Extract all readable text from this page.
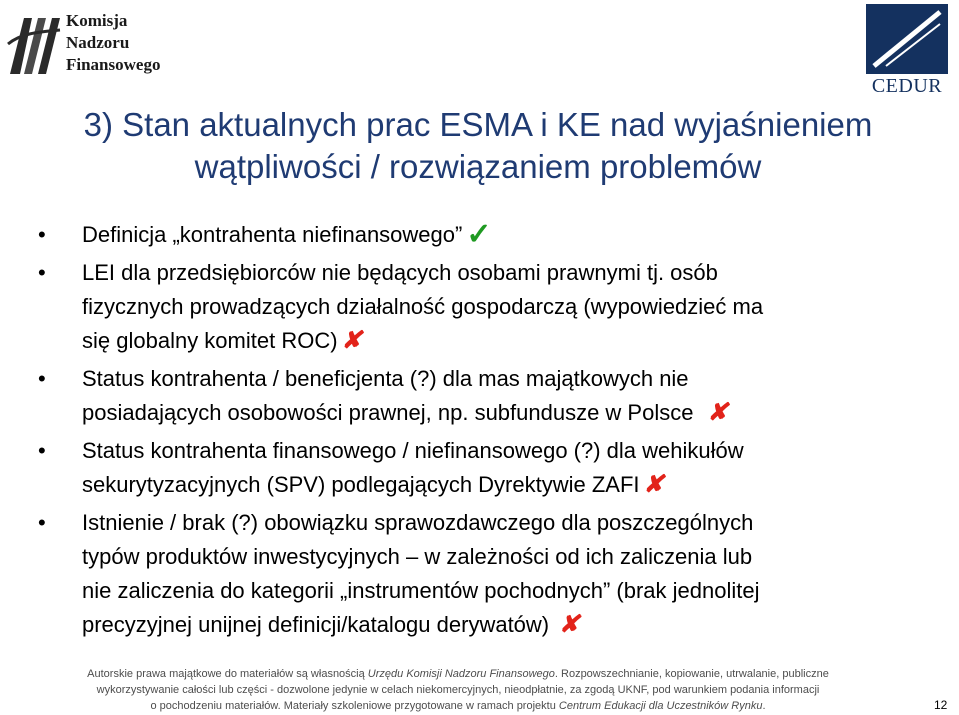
Komisja
Nadzoru
Finansowego
CEDUR
3) Stan aktualnych prac ESMA i KE nad wyjaśnieniem
wątpliwości / rozwiązaniem problemów
• Definicja „kontrahenta niefinansowego” ✓
• LEI dla przedsiębiorców nie będących osobami prawnymi tj. osób
fizycznych prowadzących działalność gospodarczą (wypowiedzieć ma
się globalny komitet ROC) ✘
• Status kontrahenta / beneficjenta (?) dla mas majątkowych nie
posiadających osobowości prawnej, np. subfundusze w Polsce ✘
• Status kontrahenta finansowego / niefinansowego (?) dla wehikułów
sekurytyzacyjnych (SPV) podlegających Dyrektywie ZAFI ✘
• Istnienie / brak (?) obowiązku sprawozdawczego dla poszczególnych
typów produktów inwestycyjnych – w zależności od ich zaliczenia lub
nie zaliczenia do kategorii „instrumentów pochodnych” (brak jednolitej
precyzyjnej unijnej definicji/katalogu derywatów) ✘
Autorskie prawa majątkowe do materiałów są własnością Urzędu Komisji Nadzoru Finansowego. Rozpowszechnianie, kopiowanie, utrwalanie, publiczne
wykorzystywanie całości lub części - dozwolone jedynie w celach niekomercyjnych, nieodpłatnie, za zgodą UKNF, pod warunkiem podania informacji
o pochodzeniu materiałów. Materiały szkoleniowe przygotowane w ramach projektu Centrum Edukacji dla Uczestników Rynku.	12
